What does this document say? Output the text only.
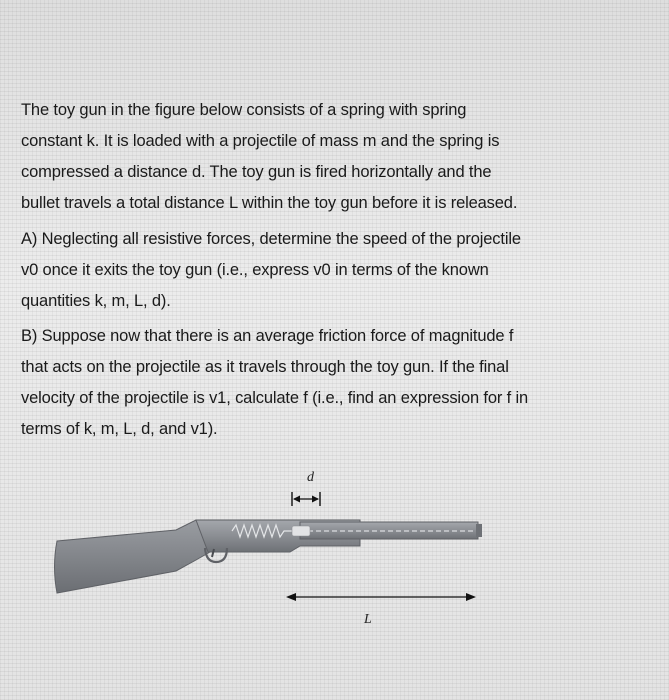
The toy gun in the figure below consists of a spring with spring
constant k. It is loaded with a projectile of mass m and the spring is
compressed a distance d. The toy gun is fired horizontally and the
bullet travels a total distance L within the toy gun before it is released.
A) Neglecting all resistive forces, determine the speed of the projectile
v0 once it exits the toy gun (i.e., express v0 in terms of the known
quantities k, m, L, d).
B) Suppose now that there is an average friction force of magnitude f
that acts on the projectile as it travels through the toy gun. If the final
velocity of the projectile is v1, calculate f (i.e., find an expression for f in
terms of k, m, L, d, and v1).
d
L
